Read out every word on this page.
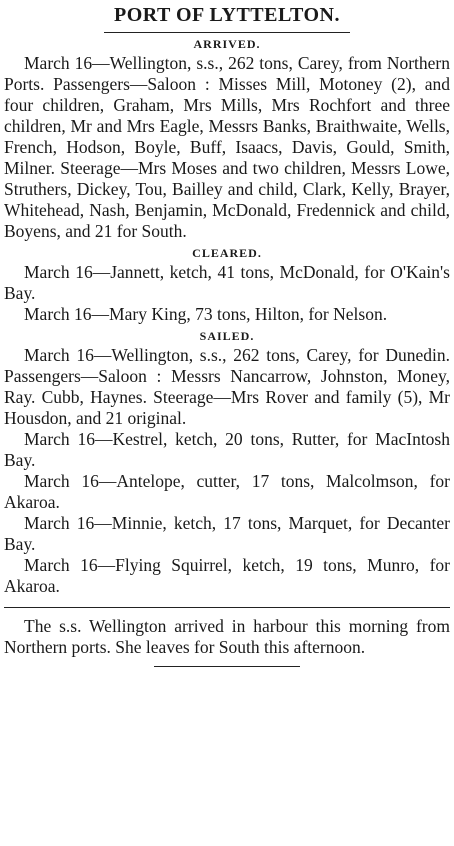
PORT OF LYTTELTON.

ARRIVED.

March 16—Wellington, s.s., 262 tons, Carey, from Northern Ports. Passengers—Saloon : Misses Mill, Motoney (2), and four children, Graham, Mrs Mills, Mrs Rochfort and three children, Mr and Mrs Eagle, Messrs Banks, Braithwaite, Wells, French, Hodson, Boyle, Buff, Isaacs, Davis, Gould, Smith, Milner. Steerage—Mrs Moses and two children, Messrs Lowe, Struthers, Dickey, Tou, Bailley and child, Clark, Kelly, Brayer, Whitehead, Nash, Benjamin, McDonald, Fredennick and child, Boyens, and 21 for South.

CLEARED.

March 16—Jannett, ketch, 41 tons, McDonald, for O'Kain's Bay.

March 16—Mary King, 73 tons, Hilton, for Nelson.

SAILED.

March 16—Wellington, s.s., 262 tons, Carey, for Dunedin. Passengers—Saloon : Messrs Nancarrow, Johnston, Money, Ray. Cubb, Haynes. Steerage—Mrs Rover and family (5), Mr Housdon, and 21 original.

March 16—Kestrel, ketch, 20 tons, Rutter, for MacIntosh Bay.

March 16—Antelope, cutter, 17 tons, Malcolmson, for Akaroa.

March 16—Minnie, ketch, 17 tons, Marquet, for Decanter Bay.

March 16—Flying Squirrel, ketch, 19 tons, Munro, for Akaroa.

The s.s. Wellington arrived in harbour this morning from Northern ports. She leaves for South this afternoon.
